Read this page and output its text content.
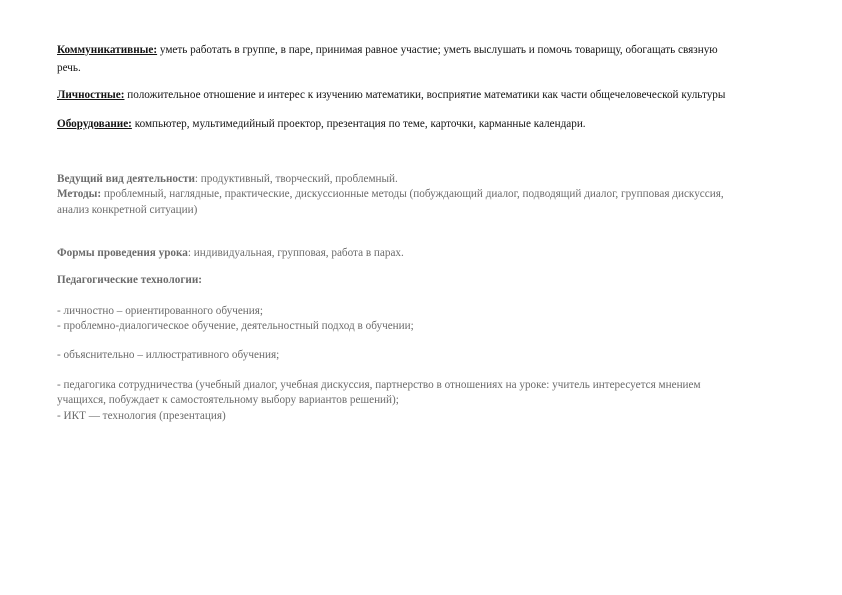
Коммуникативные: уметь работать в группе, в паре, принимая равное участие; уметь выслушать и помочь товарищу, обогащать связную
речь.
Личностные: положительное отношение и интерес к изучению математики, восприятие математики как части общечеловеческой культуры
Оборудование: компьютер, мультимедийный проектор, презентация по теме, карточки, карманные календари.
Ведущий вид деятельности: продуктивный, творческий, проблемный.
Методы: проблемный, наглядные, практические, дискуссионные методы (побуждающий диалог, подводящий диалог, групповая дискуссия,
анализ конкретной ситуации)
Формы проведения урока: индивидуальная, групповая, работа в парах.
Педагогические технологии:
- личностно – ориентированного обучения;
- проблемно-диалогическое обучение, деятельностный подход в обучении;
- объяснительно – иллюстративного обучения;
- педагогика сотрудничества (учебный диалог, учебная дискуссия, партнерство в отношениях на уроке: учитель интересуется мнением
учащихся, побуждает к самостоятельному выбору вариантов решений);
- ИКТ — технология (презентация)
